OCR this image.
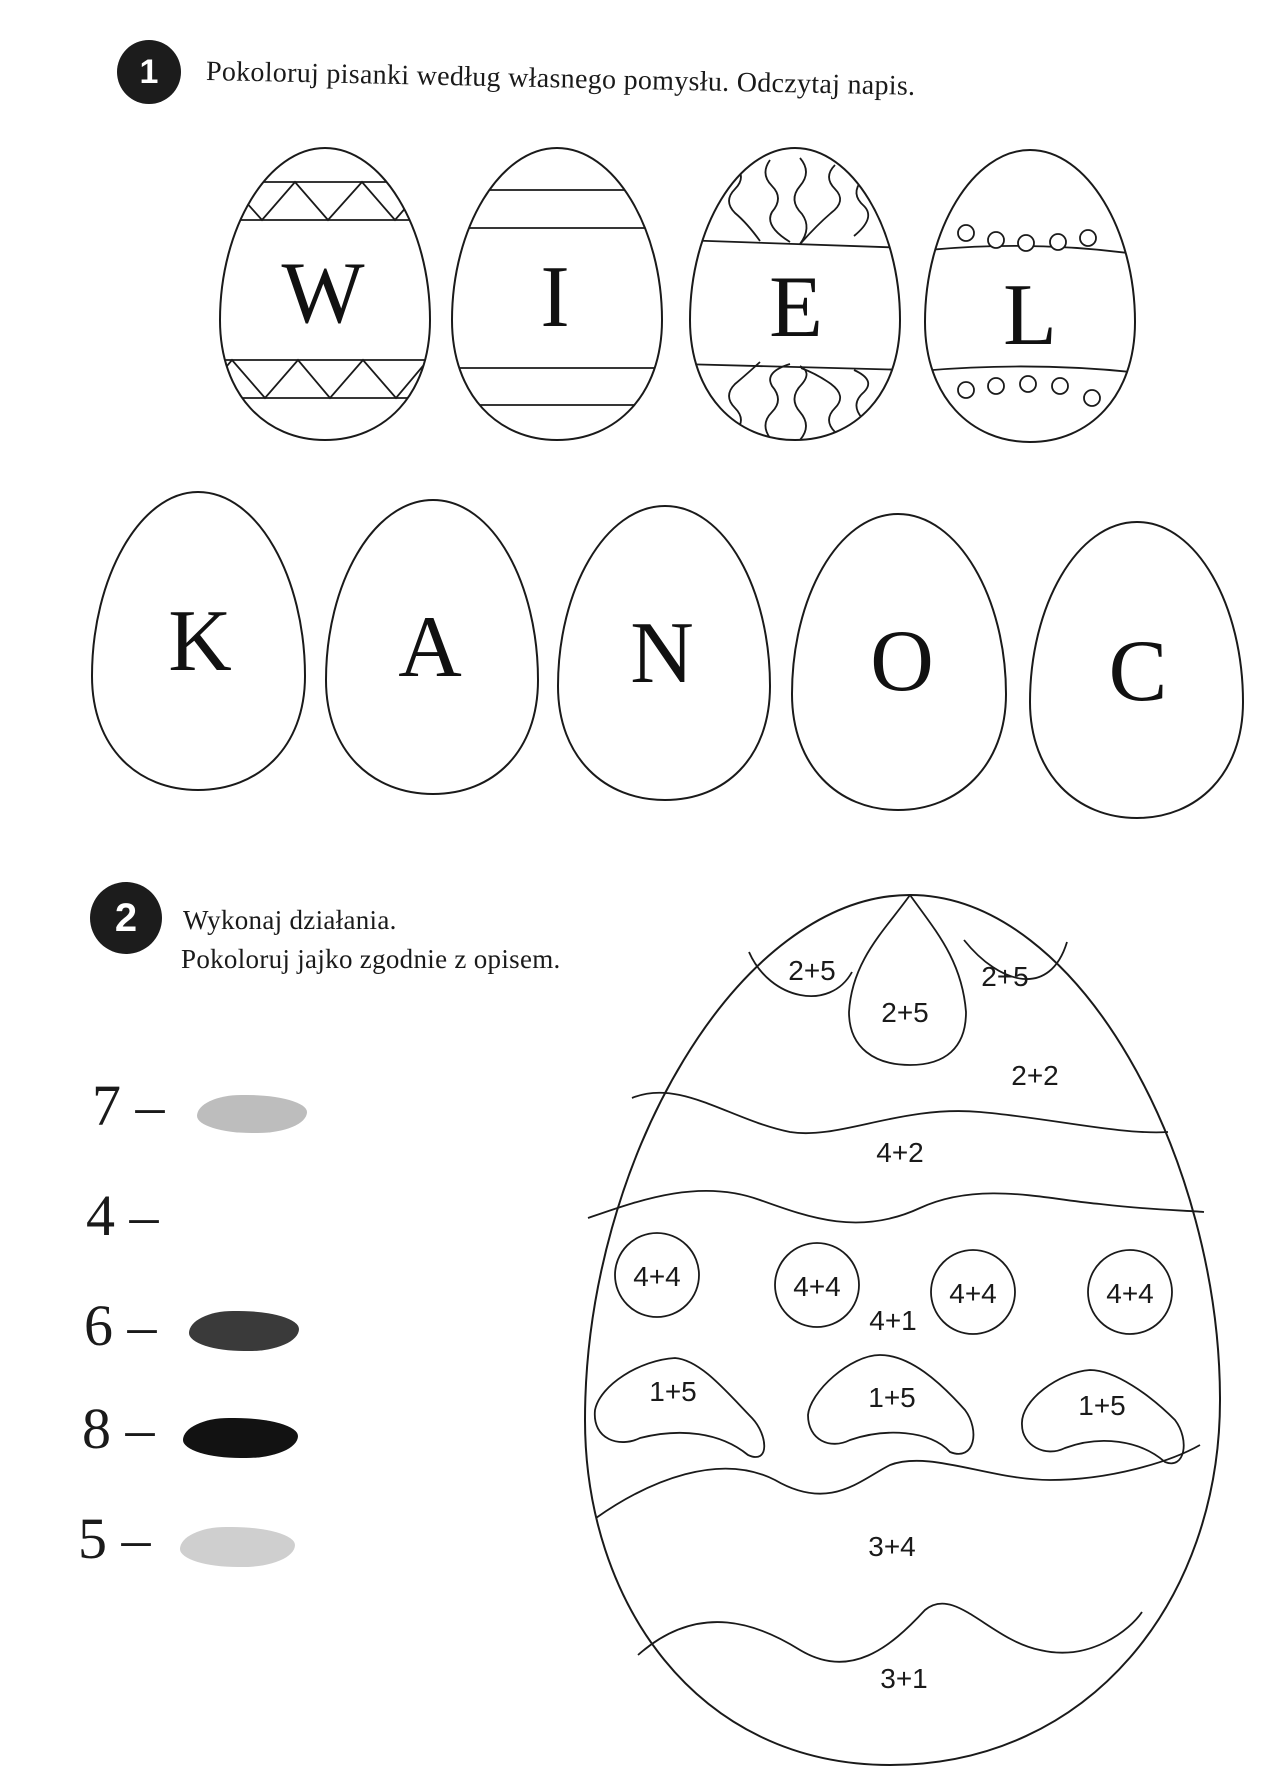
1	Pokoloruj pisanki według własnego pomysłu. Odczytaj napis.
2	Wykonaj działania.
Pokoloruj jajko zgodnie z opisem.
7 –
4 –
6 –
8 –
5 –
W I E L
K A N O C
2+5
2+5
2+5
2+2
4+2
4+4	4+4	4+4	4+4
4+1
1+5	1+5	1+5
3+4
3+1
